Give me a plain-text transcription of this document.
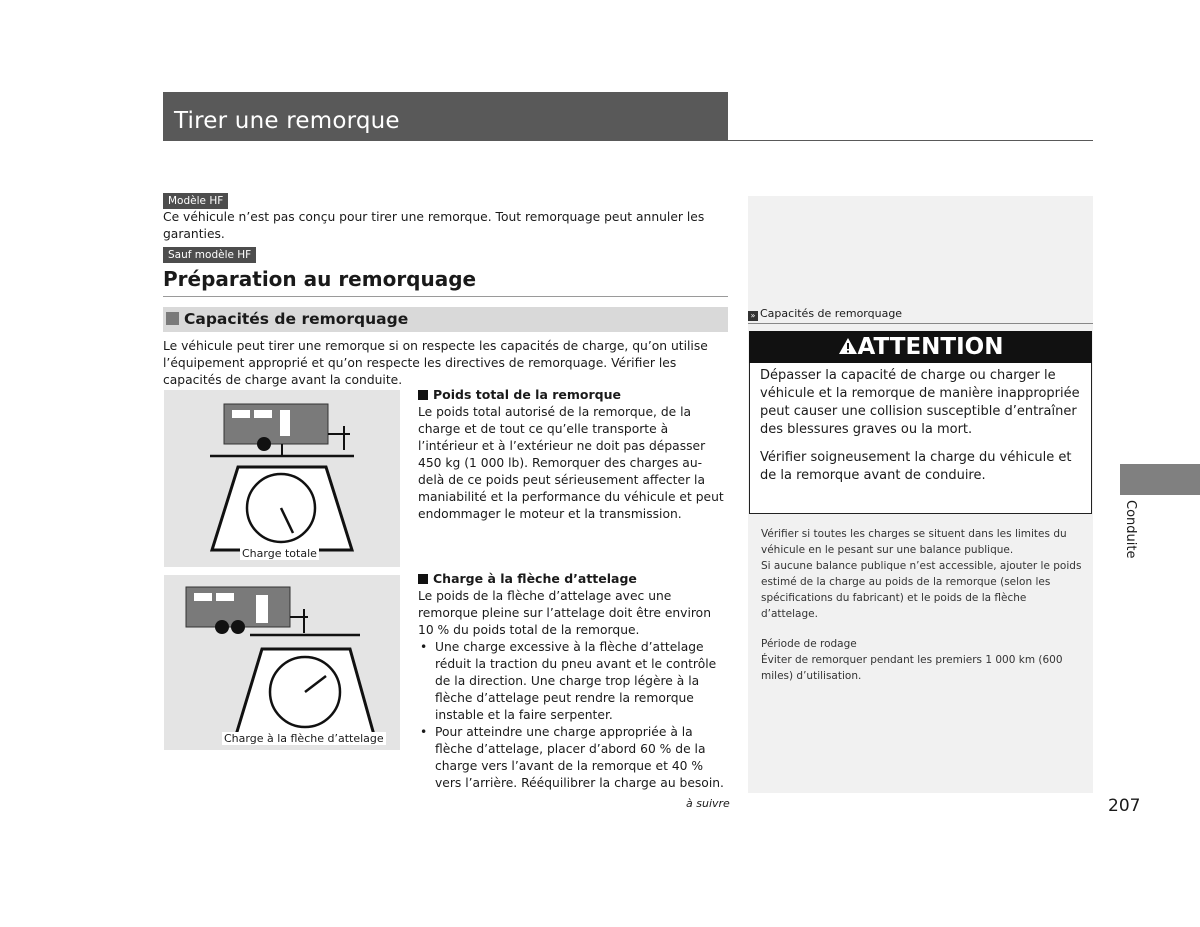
Tirer une remorque
Modèle HF
Ce véhicule n’est pas conçu pour tirer une remorque. Tout remorquage peut annuler les garanties.
Sauf modèle HF
Préparation au remorquage
Capacités de remorquage
Le véhicule peut tirer une remorque si on respecte les capacités de charge, qu’on utilise l’équipement approprié et qu’on respecte les directives de remorquage. Vérifier les capacités de charge avant la conduite.
Charge totale
Charge à la flèche d’attelage
Poids total de la remorque
Le poids total autorisé de la remorque, de la charge et de tout ce qu’elle transporte à l’intérieur et à l’extérieur ne doit pas dépasser 450 kg (1 000 lb). Remorquer des charges au-delà de ce poids peut sérieusement affecter la maniabilité et la performance du véhicule et peut endommager le moteur et la transmission.
Charge à la flèche d’attelage
Le poids de la flèche d’attelage avec une remorque pleine sur l’attelage doit être environ 10 % du poids total de la remorque.
• Une charge excessive à la flèche d’attelage réduit la traction du pneu avant et le contrôle de la direction. Une charge trop légère à la flèche d’attelage peut rendre la remorque instable et la faire serpenter.
• Pour atteindre une charge appropriée à la flèche d’attelage, placer d’abord 60 % de la charge vers l’avant de la remorque et 40 % vers l’arrière. Rééquilibrer la charge au besoin.
à suivre
» Capacités de remorquage
ATTENTION
Dépasser la capacité de charge ou charger le véhicule et la remorque de manière inappropriée peut causer une collision susceptible d’entraîner des blessures graves ou la mort.
Vérifier soigneusement la charge du véhicule et de la remorque avant de conduire.
Vérifier si toutes les charges se situent dans les limites du véhicule en le pesant sur une balance publique.
Si aucune balance publique n’est accessible, ajouter le poids estimé de la charge au poids de la remorque (selon les spécifications du fabricant) et le poids de la flèche d’attelage.
Période de rodage
Éviter de remorquer pendant les premiers 1 000 km (600 miles) d’utilisation.
Conduite
207
